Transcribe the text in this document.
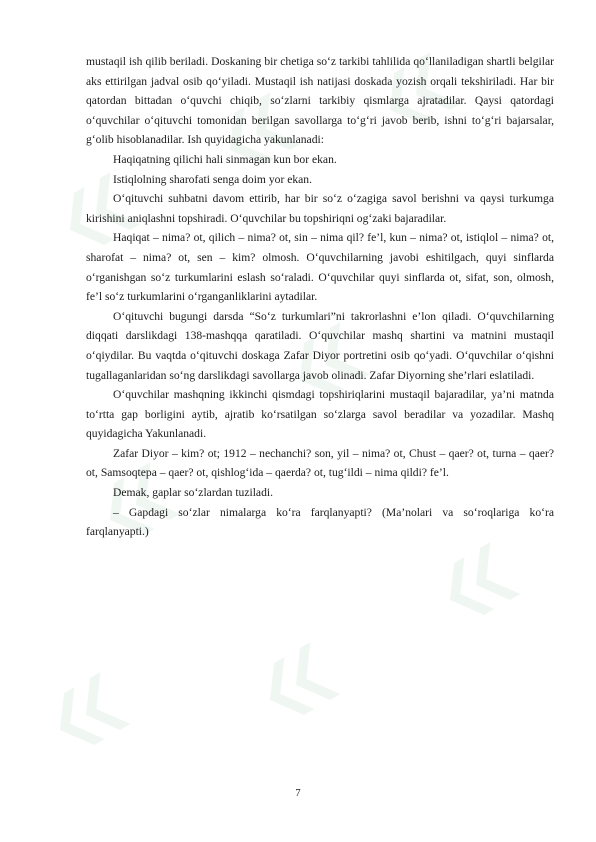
mustaqil ish qilib beriladi. Doskaning bir chetiga so‘z tarkibi tahlilida qo‘llaniladigan shartli belgilar aks ettirilgan jadval osib qo‘yiladi. Mustaqil ish natijasi doskada yozish orqali tekshiriladi. Har bir qatordan bittadan o‘quvchi chiqib, so‘zlarni tarkibiy qismlarga ajratadilar. Qaysi qatordagi o‘quvchilar o‘qituvchi tomonidan berilgan savollarga to‘g‘ri javob berib, ishni to‘g‘ri bajarsalar, g‘olib hisoblanadilar. Ish quyidagicha yakunlanadi:

Haqiqatning qilichi hali sinmagan kun bor ekan.

Istiqlolning sharofati senga doim yor ekan.

O‘qituvchi suhbatni davom ettirib, har bir so‘z o‘zagiga savol berishni va qaysi turkumga kirishini aniqlashni topshiradi. O‘quvchilar bu topshiriqni og‘zaki bajaradilar.

Haqiqat – nima? ot, qilich – nima? ot, sin – nima qil? fe’l, kun – nima? ot, istiqlol – nima? ot, sharofat – nima? ot, sen – kim? olmosh. O‘quvchilarning javobi eshitilgach, quyi sinflarda o‘rganishgan so‘z turkumlarini eslash so‘raladi. O‘quvchilar quyi sinflarda ot, sifat, son, olmosh, fe’l so‘z turkumlarini o‘rganganliklarini aytadilar.

O‘qituvchi bugungi darsda “So‘z turkumlari”ni takrorlashni e’lon qiladi. O‘quvchilarning diqqati darslikdagi 138-mashqqa qaratiladi. O‘quvchilar mashq shartini va matnini mustaqil o‘qiydilar. Bu vaqtda o‘qituvchi doskaga Zafar Diyor portretini osib qo‘yadi. O‘quvchilar o‘qishni tugallaganlaridan so‘ng darslikdagi savollarga javob olinadi. Zafar Diyorning she’rlari eslatiladi.

O‘quvchilar mashqning ikkinchi qismdagi topshiriqlarini mustaqil bajaradilar, ya’ni matnda to‘rtta gap borligini aytib, ajratib ko‘rsatilgan so‘zlarga savol beradilar va yozadilar. Mashq quyidagicha Yakunlanadi.

Zafar Diyor – kim? ot; 1912 – nechanchi? son, yil – nima? ot, Chust – qaer? ot, turna – qaer? ot, Samsoqtepa – qaer? ot, qishlog‘ida – qaerda? ot, tug‘ildi – nima qildi? fe’l.

Demak, gaplar so‘zlardan tuziladi.

– Gapdagi so‘zlar nimalarga ko‘ra farqlanyapti? (Ma’nolari va so‘roqlariga ko‘ra farqlanyapti.)

7
